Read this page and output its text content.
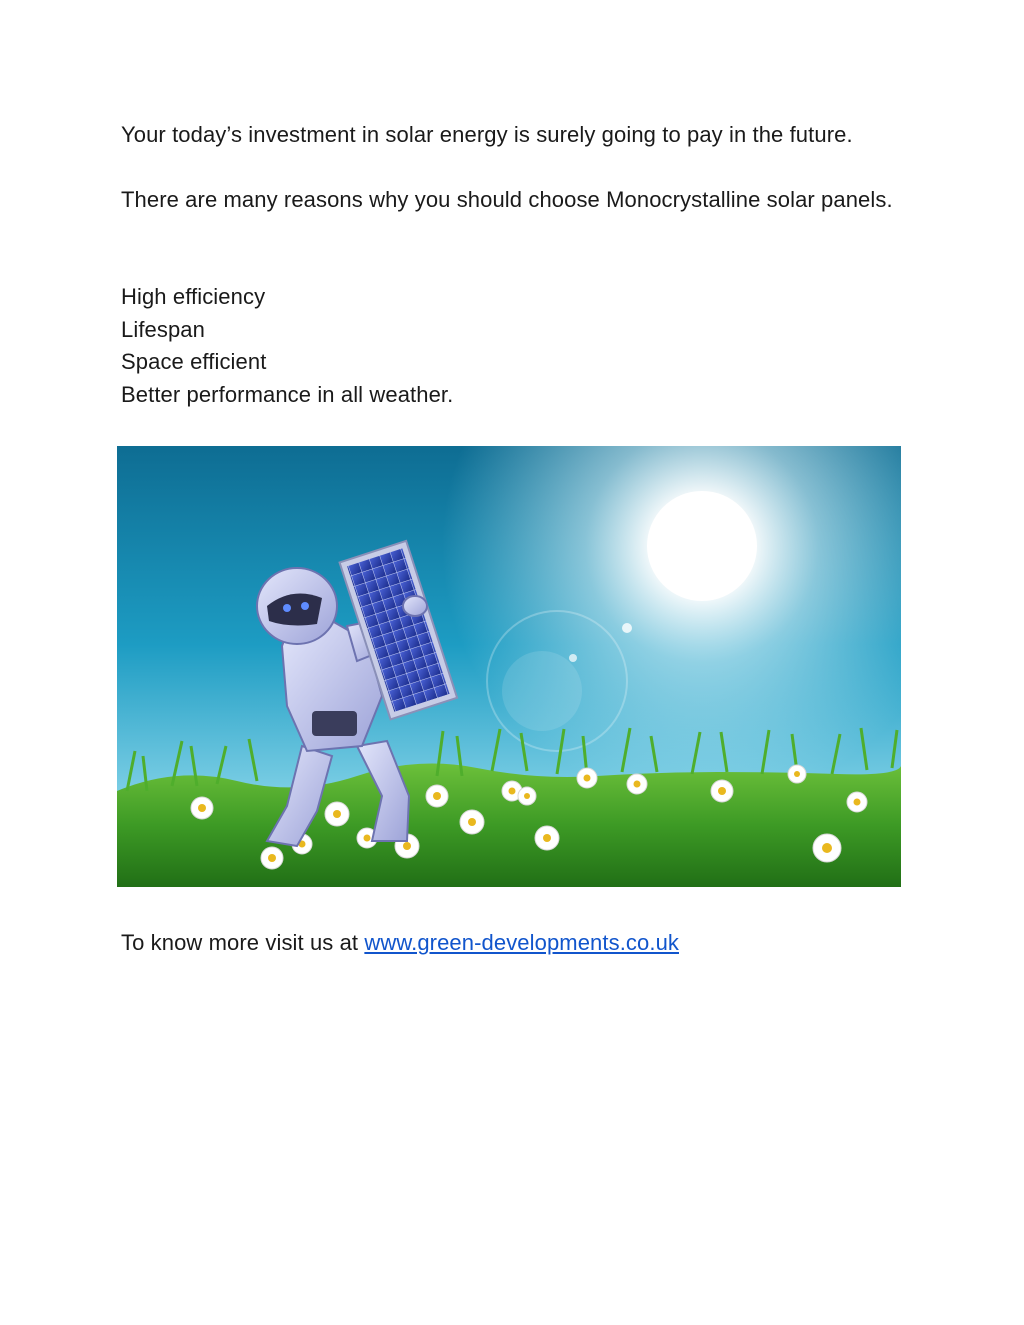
Your today’s investment in solar energy is surely going to pay in the future.
There are many reasons why you should choose Monocrystalline solar panels.
High efficiency
Lifespan
Space efficient
Better performance in all weather.
To know more visit us at www.green-developments.co.uk
